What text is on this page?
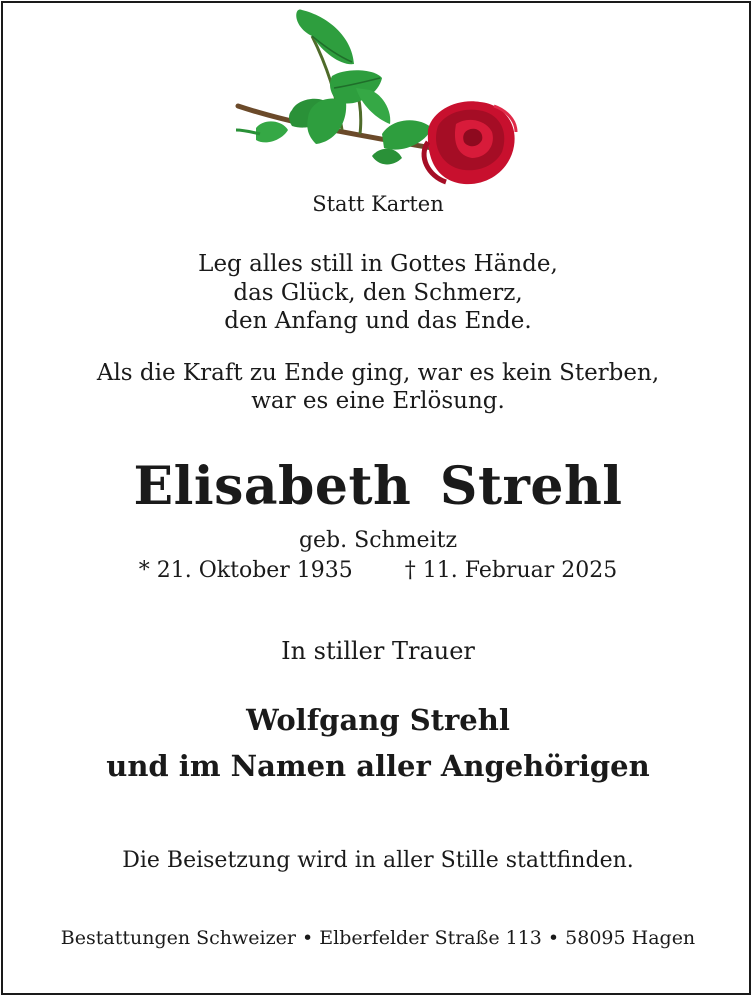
Statt Karten
Leg alles still in Gottes Hände,
das Glück, den Schmerz,
den Anfang und das Ende.
Als die Kraft zu Ende ging, war es kein Sterben,
war es eine Erlösung.
Elisabeth Strehl
geb. Schmeitz
* 21. Oktober 1935 † 11. Februar 2025
In stiller Trauer
Wolfgang Strehl
und im Namen aller Angehörigen
Die Beisetzung wird in aller Stille stattfinden.
Bestattungen Schweizer • Elberfelder Straße 113 • 58095 Hagen
